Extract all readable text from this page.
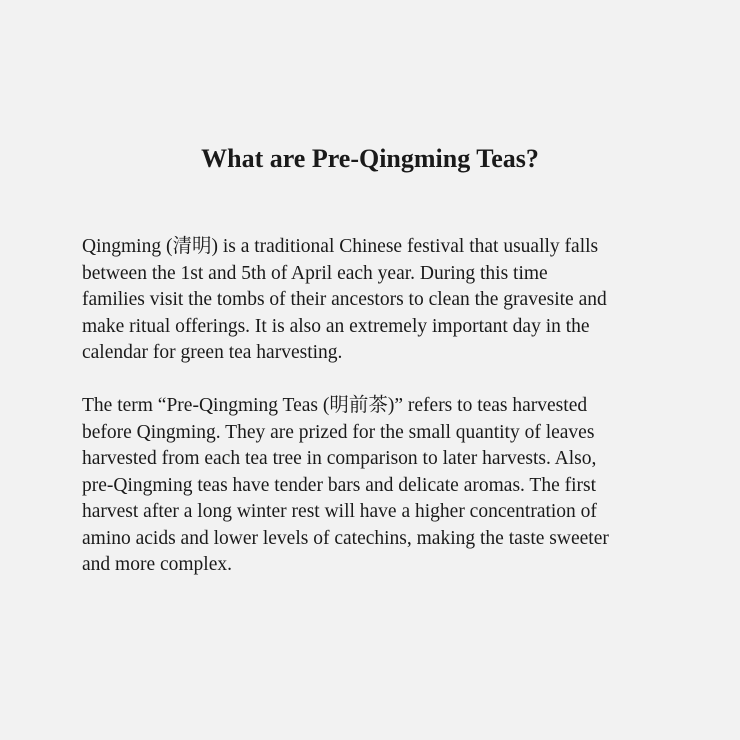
What are Pre-Qingming Teas?

Qingming (清明) is a traditional Chinese festival that usually falls
between the 1st and 5th of April each year. During this time
families visit the tombs of their ancestors to clean the gravesite and
make ritual offerings. It is also an extremely important day in the
calendar for green tea harvesting.

The term “Pre-Qingming Teas (明前茶)” refers to teas harvested
before Qingming. They are prized for the small quantity of leaves
harvested from each tea tree in comparison to later harvests. Also,
pre-Qingming teas have tender bars and delicate aromas. The first
harvest after a long winter rest will have a higher concentration of
amino acids and lower levels of catechins, making the taste sweeter
and more complex.
